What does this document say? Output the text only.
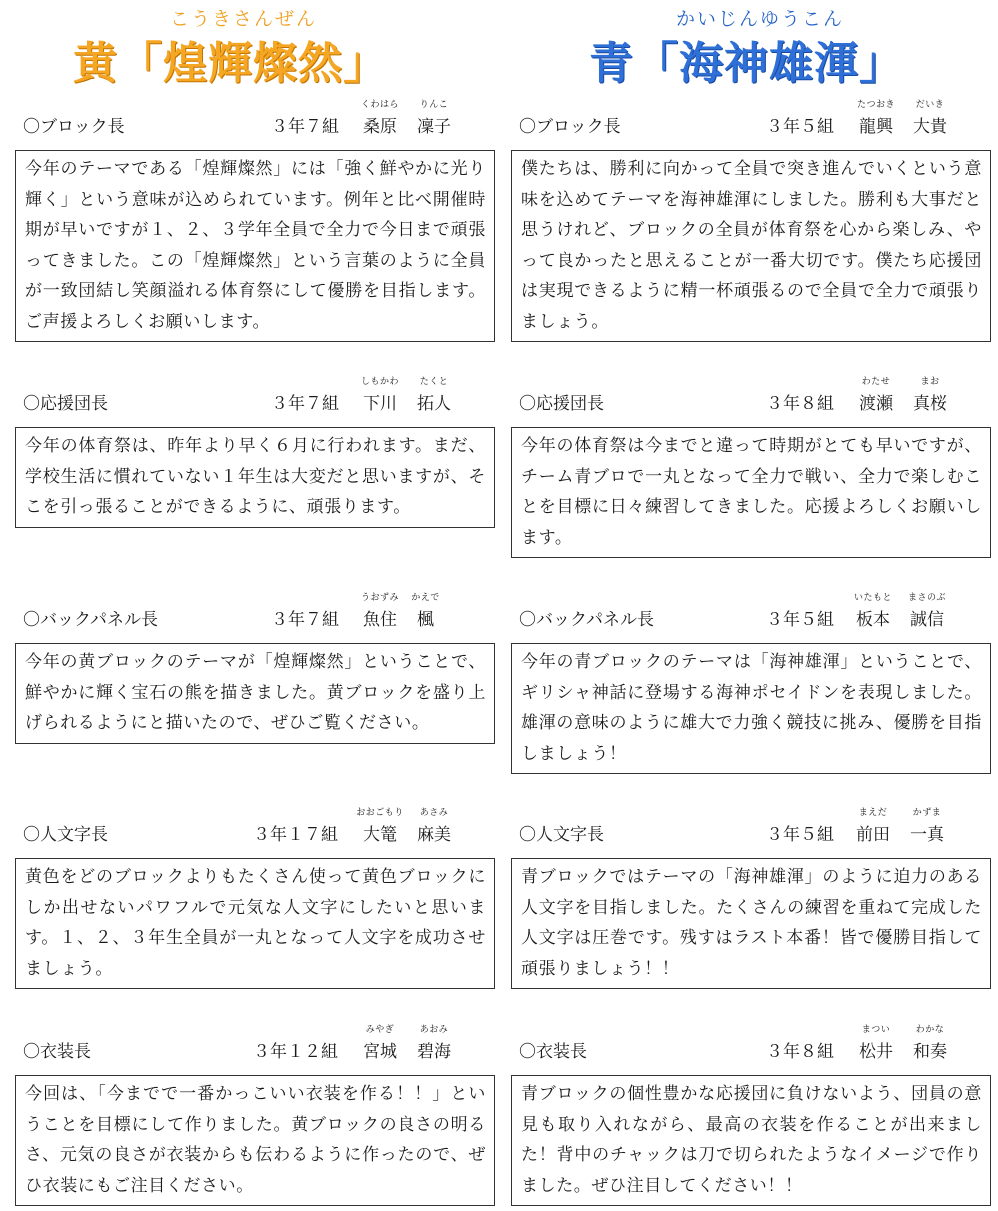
こうきさんぜん
黄「煌輝燦然」
〇ブロック長	３年７組
くわはら
桑原
りんこ
凜子
今年のテーマである「煌輝燦然」には「強く鮮やかに光り輝く」という意味が込められています。例年と比べ開催時期が早いですが１、２、３学年全員で全力で今日まで頑張ってきました。この「煌輝燦然」という言葉のように全員が一致団結し笑顔溢れる体育祭にして優勝を目指します。ご声援よろしくお願いします。
〇応援団長	３年７組
しもかわ
下川
たくと
拓人
今年の体育祭は、昨年より早く６月に行われます。まだ、学校生活に慣れていない１年生は大変だと思いますが、そこを引っ張ることができるように、頑張ります。
〇バックパネル長	３年７組
うおずみ
魚住
かえで
楓
今年の黄ブロックのテーマが「煌輝燦然」ということで、鮮やかに輝く宝石の熊を描きました。黄ブロックを盛り上げられるようにと描いたので、ぜひご覧ください。
〇人文字長	３年１７組
おおごもり
大篭
あさみ
麻美
黄色をどのブロックよりもたくさん使って黄色ブロックにしか出せないパワフルで元気な人文字にしたいと思います。１、２、３年生全員が一丸となって人文字を成功させましょう。
〇衣装長	３年１２組
みやぎ
宮城
あおみ
碧海
今回は、「今までで一番かっこいい衣装を作る！！」ということを目標にして作りました。黄ブロックの良さの明るさ、元気の良さが衣装からも伝わるように作ったので、ぜひ衣装にもご注目ください。
かいじんゆうこん
青「海神雄渾」
〇ブロック長	３年５組
たつおき
龍興
だいき
大貴
僕たちは、勝利に向かって全員で突き進んでいくという意味を込めてテーマを海神雄渾にしました。勝利も大事だと思うけれど、ブロックの全員が体育祭を心から楽しみ、やって良かったと思えることが一番大切です。僕たち応援団は実現できるように精一杯頑張るので全員で全力で頑張りましょう。
〇応援団長	３年８組
わたせ
渡瀬
まお
真桜
今年の体育祭は今までと違って時期がとても早いですが、チーム青ブロで一丸となって全力で戦い、全力で楽しむことを目標に日々練習してきました。応援よろしくお願いします。
〇バックパネル長	３年５組
いたもと
板本
まさのぶ
誠信
今年の青ブロックのテーマは「海神雄渾」ということで、ギリシャ神話に登場する海神ポセイドンを表現しました。雄渾の意味のように雄大で力強く競技に挑み、優勝を目指しましょう！
〇人文字長	３年５組
まえだ
前田
かずま
一真
青ブロックではテーマの「海神雄渾」のように迫力のある人文字を目指しました。たくさんの練習を重ねて完成した人文字は圧巻です。残すはラスト本番！皆で優勝目指して頑張りましょう！！
〇衣装長	３年８組
まつい
松井
わかな
和奏
青ブロックの個性豊かな応援団に負けないよう、団員の意見も取り入れながら、最高の衣装を作ることが出来ました！背中のチャックは刀で切られたようなイメージで作りました。ぜひ注目してください！！
